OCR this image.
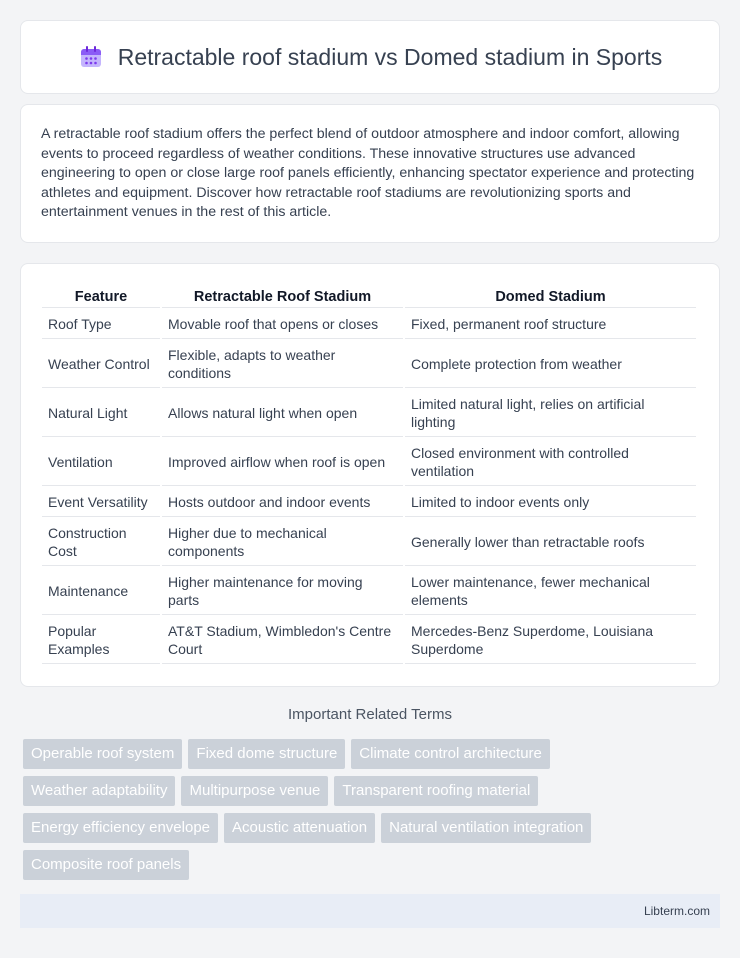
Retractable roof stadium vs Domed stadium in Sports

A retractable roof stadium offers the perfect blend of outdoor atmosphere and indoor comfort, allowing events to proceed regardless of weather conditions. These innovative structures use advanced engineering to open or close large roof panels efficiently, enhancing spectator experience and protecting athletes and equipment. Discover how retractable roof stadiums are revolutionizing sports and entertainment venues in the rest of this article.

Feature	Retractable Roof Stadium	Domed Stadium
Roof Type	Movable roof that opens or closes	Fixed, permanent roof structure
Weather Control	Flexible, adapts to weather conditions	Complete protection from weather
Natural Light	Allows natural light when open	Limited natural light, relies on artificial lighting
Ventilation	Improved airflow when roof is open	Closed environment with controlled ventilation
Event Versatility	Hosts outdoor and indoor events	Limited to indoor events only
Construction Cost	Higher due to mechanical components	Generally lower than retractable roofs
Maintenance	Higher maintenance for moving parts	Lower maintenance, fewer mechanical elements
Popular Examples	AT&T Stadium, Wimbledon's Centre Court	Mercedes-Benz Superdome, Louisiana Superdome
Important Related Terms
Operable roof system	Fixed dome structure	Climate control architecture
Weather adaptability	Multipurpose venue	Transparent roofing material
Energy efficiency envelope	Acoustic attenuation	Natural ventilation integration
Composite roof panels
Libterm.com
